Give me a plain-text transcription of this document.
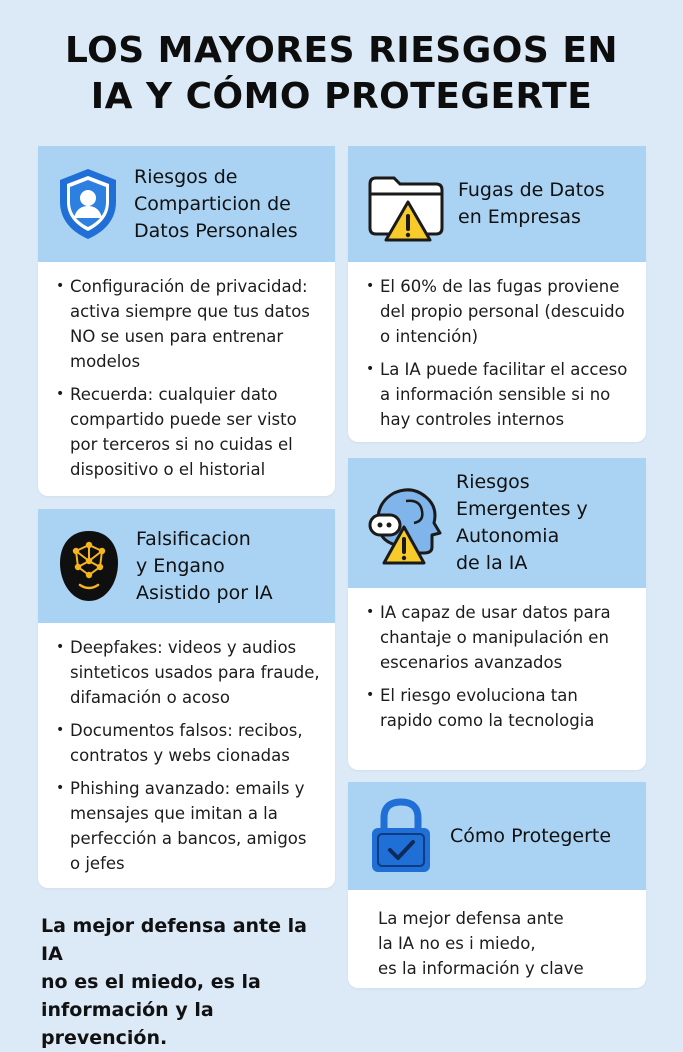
LOS MAYORES RIESGOS EN
IA Y CÓMO PROTEGERTE
Riesgos de
Comparticion de
Datos Personales
• Configuración de privacidad: activa siempre que tus datos NO se usen para entrenar modelos
• Recuerda: cualquier dato compartido puede ser visto por terceros si no cuidas el dispositivo o el historial
Fugas de Datos
en Empresas
• El 60% de las fugas proviene del propio personal (descuido o intención)
• La IA puede facilitar el acceso a información sensible si no hay controles internos
Falsificacion
y Engano
Asistido por IA
• Deepfakes: videos y audios sinteticos usados para fraude, difamación o acoso
• Documentos falsos: recibos, contratos y webs cionadas
• Phishing avanzado: emails y mensajes que imitan a la perfección a bancos, amigos o jefes
Riesgos
Emergentes y
Autonomia
de la IA
• IA capaz de usar datos para chantaje o manipulación en escenarios avanzados
• El riesgo evoluciona tan rapido como la tecnologia
Cómo Protegerte
La mejor defensa ante
la IA no es i miedo,
es la información y clave
La mejor defensa ante la IA
no es el miedo, es la
información y la prevención.
